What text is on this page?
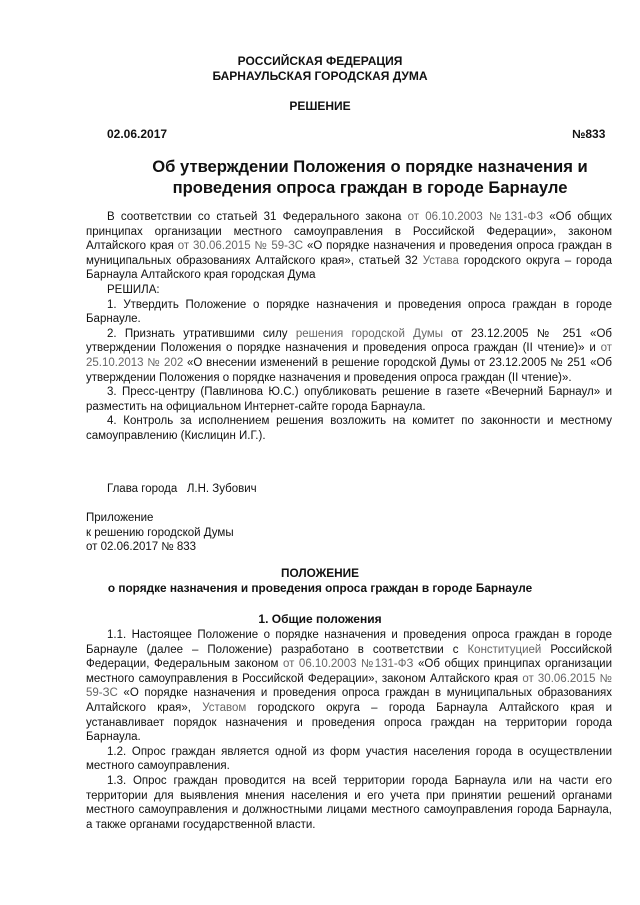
РОССИЙСКАЯ ФЕДЕРАЦИЯ
БАРНАУЛЬСКАЯ ГОРОДСКАЯ ДУМА
РЕШЕНИЕ
02.06.2017	№833
Об утверждении Положения о порядке назначения и
проведения опроса граждан в городе Барнауле

В соответствии со статьей 31 Федерального закона от 06.10.2003 №131-ФЗ «Об общих принципах организации местного самоуправления в Российской Федерации», законом Алтайского края от 30.06.2015 № 59-ЗС «О порядке назначения и проведения опроса граждан в муниципальных образованиях Алтайского края», статьей 32 Устава городского округа – города Барнаула Алтайского края городская Дума

РЕШИЛА:

1. Утвердить Положение о порядке назначения и проведения опроса граждан в городе Барнауле.

2. Признать утратившими силу решения городской Думы от 23.12.2005 № 251 «Об утверждении Положения о порядке назначения и проведения опроса граждан (II чтение)» и от 25.10.2013 № 202 «О внесении изменений в решение городской Думы от 23.12.2005 № 251 «Об утверждении Положения о порядке назначения и проведения опроса граждан (II чтение)».

3. Пресс-центру (Павлинова Ю.С.) опубликовать решение в газете «Вечерний Барнаул» и разместить на официальном Интернет-сайте города Барнаула.

4. Контроль за исполнением решения возложить на комитет по законности и местному самоуправлению (Кислицин И.Г.).

Глава города Л.Н. Зубович
Приложение
к решению городской Думы
от 02.06.2017 № 833
ПОЛОЖЕНИЕ
о порядке назначения и проведения опроса граждан в городе Барнауле
1. Общие положения

1.1. Настоящее Положение о порядке назначения и проведения опроса граждан в городе Барнауле (далее – Положение) разработано в соответствии с Конституцией Российской Федерации, Федеральным законом от 06.10.2003 №131-ФЗ «Об общих принципах организации местного самоуправления в Российской Федерации», законом Алтайского края от 30.06.2015 № 59-ЗС «О порядке назначения и проведения опроса граждан в муниципальных образованиях Алтайского края», Уставом городского округа – города Барнаула Алтайского края и устанавливает порядок назначения и проведения опроса граждан на территории города Барнаула.

1.2. Опрос граждан является одной из форм участия населения города в осуществлении местного самоуправления.

1.3. Опрос граждан проводится на всей территории города Барнаула или на части его территории для выявления мнения населения и его учета при принятии решений органами местного самоуправления и должностными лицами местного самоуправления города Барнаула, а также органами государственной власти.
